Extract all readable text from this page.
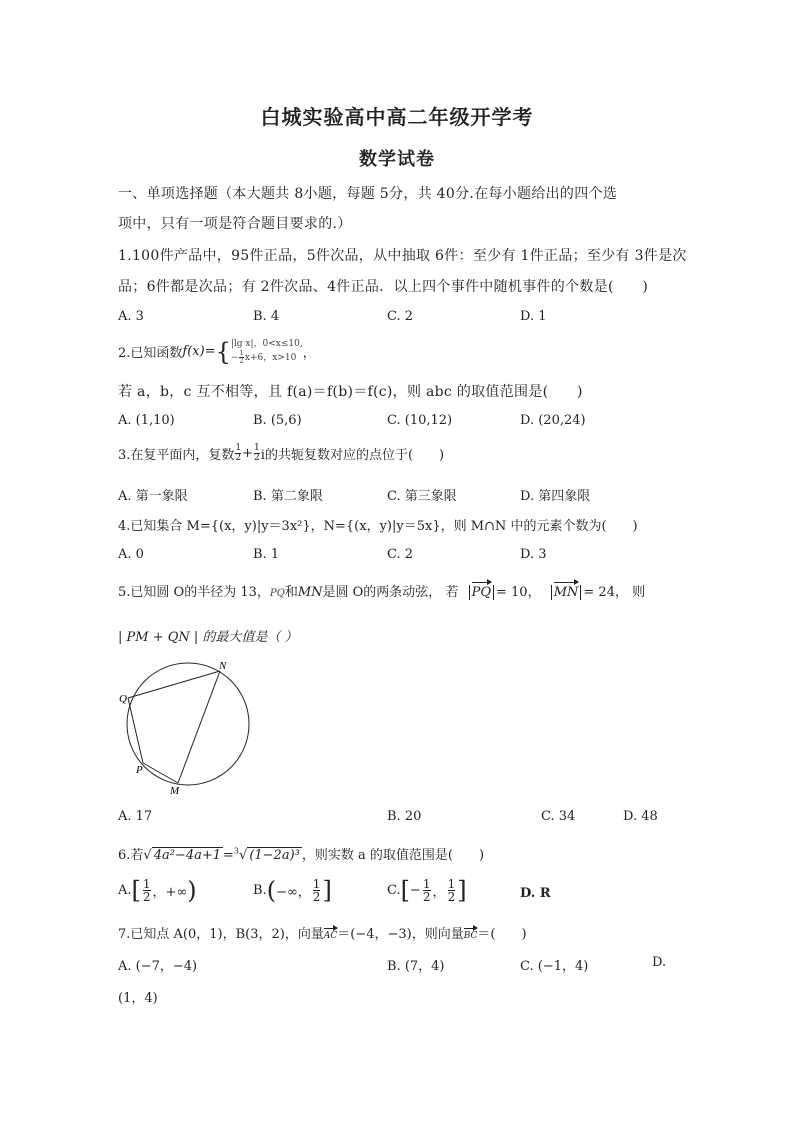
白城实验高中高二年级开学考
数学试卷
一、单项选择题（本大题共 8小题，每题 5分，共 40分.在每小题给出的四个选
项中，只有一项是符合题目要求的.）
1.100件产品中，95件正品，5件次品，从中抽取 6件：至少有 1件正品；至少有 3件是次
品；6件都是次品；有 2件次品、4件正品．以上四个事件中随机事件的个数是(　　)
A. 3	B. 4	C. 2	D. 1
2.已知函数f(x)={ |lg x|，0<x≤10,
− $\frac{1}{2} x+6$，x>10 ，
若 a，b，c 互不相等，且 f(a)＝f(b)＝f(c)，则 abc 的取值范围是(　　)
A. (1,10)	B. (5,6)	C. (10,12)	D. (20,24)
3.在复平面内，复数 $\frac{1}{2} + \frac{1}{2}$ i的共轭复数对应的点位于(　　)
A. 第一象限	B. 第二象限	C. 第三象限	D. 第四象限
4.已知集合 M={(x，y)|y＝3x²}，N={(x，y)|y＝5x}，则 M∩N 中的元素个数为(　　)
A. 0	B. 1	C. 2	D. 3
5.已知圆 O的半径为 13，PQ和MN是圆 O的两条动弦， 若 PQ = 10， MN = 24， 则
| PM + QN | 的最大值是（ ）
N
Q
P
M
A. 17	B. 20	C. 34	D. 48
6.若√ 4a²−4a+1 =$^3$√ (1−2a)³ ，则实数 a 的取值范围是(　　)
$A.[ \frac{1}{2}$ ，+∞)	B.(−∞， $\frac{1}{2}$ ]	$C.[- \frac{1}{2}$ ， $\frac{1}{2}$ ]	D. R
7.已知点 A(0，1)，B(3，2)，向量AC＝(−4，−3)，则向量BC＝(　　)
A. (−7，−4)	B. (7，4)	C. (−1，4)	D.
(1，4)
